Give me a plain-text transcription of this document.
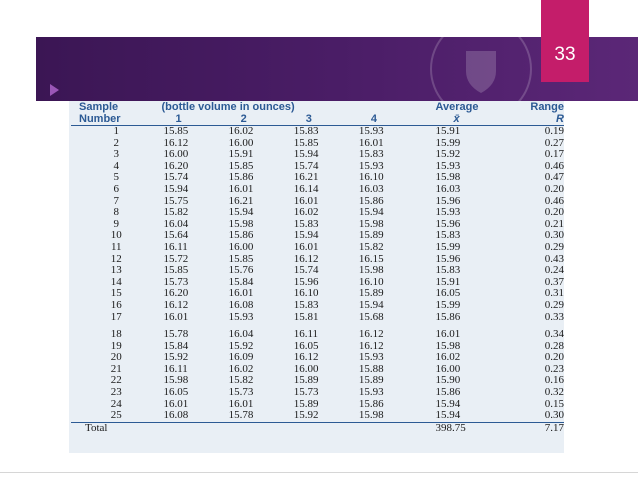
33
Sample	(bottle volume in ounces)					Average	Range
Number	1	2	3	4		x̄	R
1	15.85	16.02	15.83	15.93		15.91	0.19
2	16.12	16.00	15.85	16.01		15.99	0.27
3	16.00	15.91	15.94	15.83		15.92	0.17
4	16.20	15.85	15.74	15.93		15.93	0.46
5	15.74	15.86	16.21	16.10		15.98	0.47
6	15.94	16.01	16.14	16.03		16.03	0.20
7	15.75	16.21	16.01	15.86		15.96	0.46
8	15.82	15.94	16.02	15.94		15.93	0.20
9	16.04	15.98	15.83	15.98		15.96	0.21
10	15.64	15.86	15.94	15.89		15.83	0.30
11	16.11	16.00	16.01	15.82		15.99	0.29
12	15.72	15.85	16.12	16.15		15.96	0.43
13	15.85	15.76	15.74	15.98		15.83	0.24
14	15.73	15.84	15.96	16.10		15.91	0.37
15	16.20	16.01	16.10	15.89		16.05	0.31
16	16.12	16.08	15.83	15.94		15.99	0.29
17	16.01	15.93	15.81	15.68		15.86	0.33

18	15.78	16.04	16.11	16.12		16.01	0.34
19	15.84	15.92	16.05	16.12		15.98	0.28
20	15.92	16.09	16.12	15.93		16.02	0.20
21	16.11	16.02	16.00	15.88		16.00	0.23
22	15.98	15.82	15.89	15.89		15.90	0.16
23	16.05	15.73	15.73	15.93		15.86	0.32
24	16.01	16.01	15.89	15.86		15.94	0.15
25	16.08	15.78	15.92	15.98		15.94	0.30
Total						398.75	7.17
